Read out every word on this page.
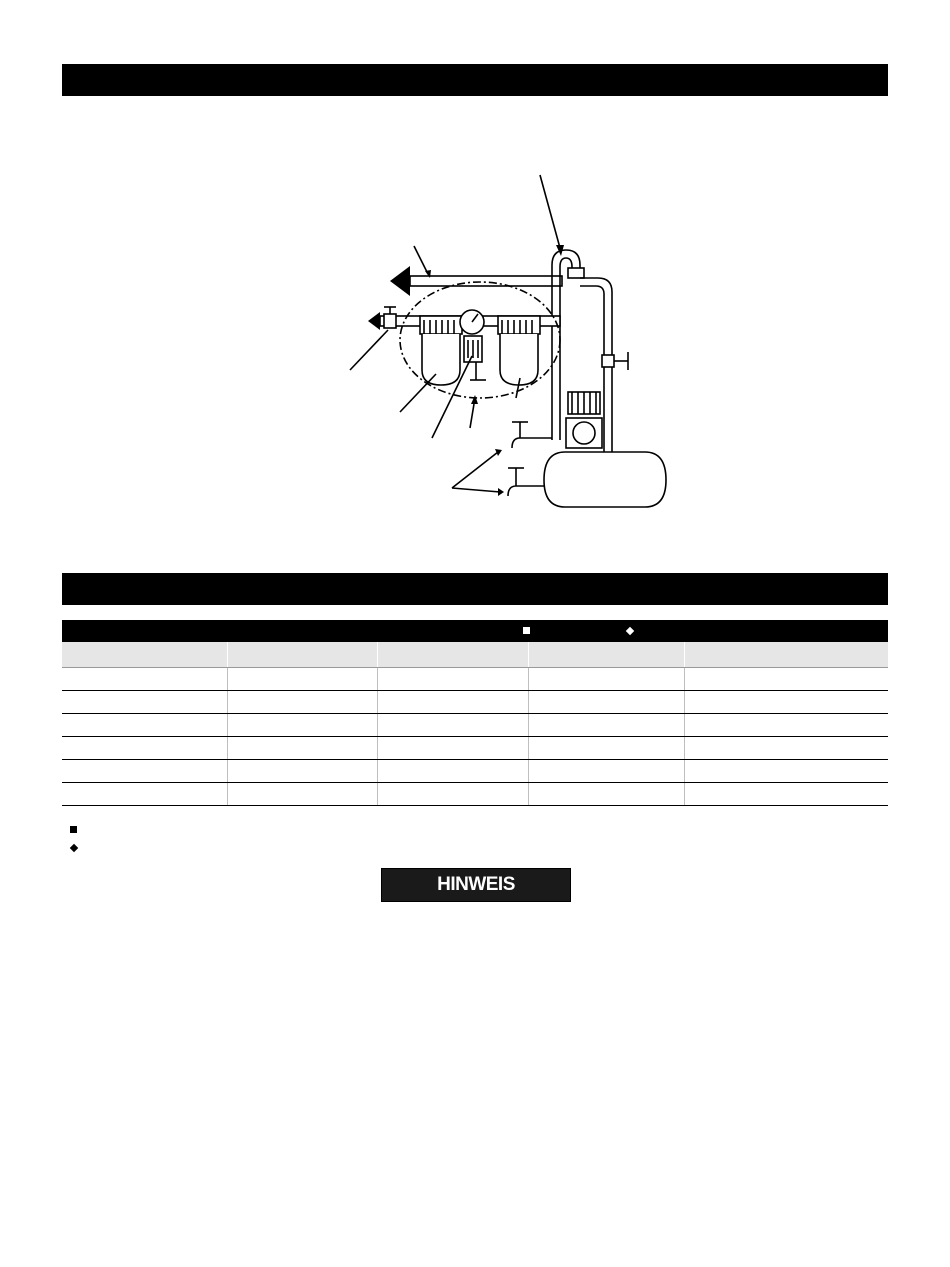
HINWEIS
